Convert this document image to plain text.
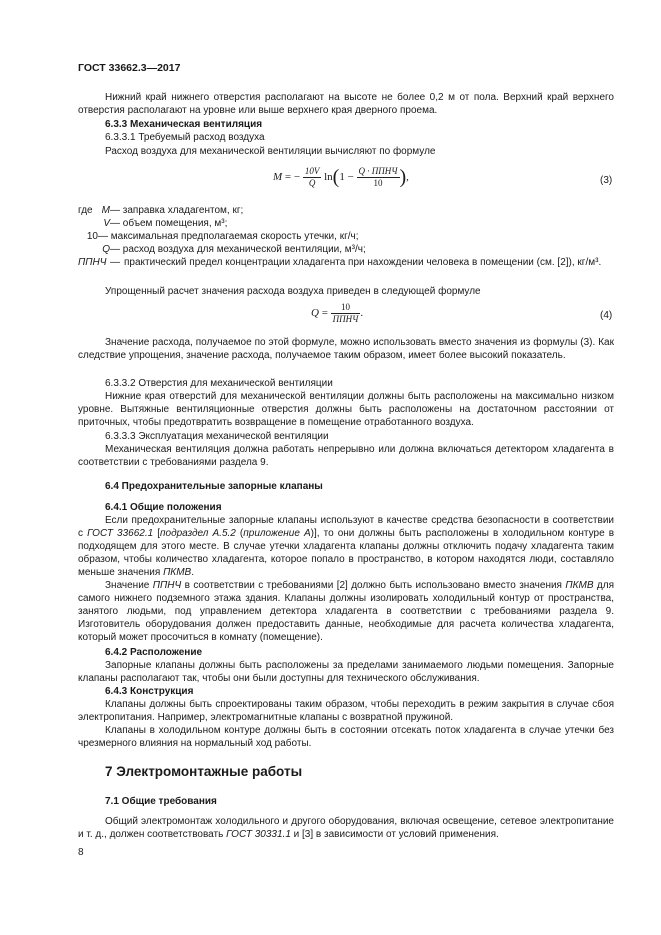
ГОСТ 33662.3—2017
Нижний край нижнего отверстия располагают на высоте не более 0,2 м от пола. Верхний край верхнего отверстия располагают на уровне или выше верхнего края дверного проема.
6.3.3 Механическая вентиляция
6.3.3.1 Требуемый расход воздуха
Расход воздуха для механической вентиляции вычисляют по формуле
M = − $\frac{10V}{Q} \ln(1 - \frac{\text{Q · ППНЧ}}{10}$ ),	(3)
где M — заправка хладагентом, кг;
V — объем помещения, м³;
10 — максимальная предполагаемая скорость утечки, кг/ч;
Q — расход воздуха для механической вентиляции, м³/ч;
ППНЧ — практический предел концентрации хладагента при нахождении человека в помещении (см. [2]), кг/м³.
Упрощенный расчет значения расхода воздуха приведен в следующей формуле
$Q = \frac{10}{\text{ППНЧ}}$ .	(4)
Значение расхода, получаемое по этой формуле, можно использовать вместо значения из формулы (3). Как следствие упрощения, значение расхода, получаемое таким образом, имеет более высокий показатель.
6.3.3.2 Отверстия для механической вентиляции
Нижние края отверстий для механической вентиляции должны быть расположены на максимально низком уровне. Вытяжные вентиляционные отверстия должны быть расположены на достаточном расстоянии от приточных, чтобы предотвратить возвращение в помещение отработанного воздуха.
6.3.3.3 Эксплуатация механической вентиляции
Механическая вентиляция должна работать непрерывно или должна включаться детектором хладагента в соответствии с требованиями раздела 9.
6.4 Предохранительные запорные клапаны
6.4.1 Общие положения
Если предохранительные запорные клапаны используют в качестве средства безопасности в соответствии с ГОСТ 33662.1 [подраздел А.5.2 (приложение А)], то они должны быть расположены в холодильном контуре в подходящем для этого месте. В случае утечки хладагента клапаны должны отключить подачу хладагента таким образом, чтобы количество хладагента, которое попало в пространство, в котором находятся люди, составляло меньше значения ПКМВ.
Значение ППНЧ в соответствии с требованиями [2] должно быть использовано вместо значения ПКМВ для самого нижнего подземного этажа здания. Клапаны должны изолировать холодильный контур от пространства, занятого людьми, под управлением детектора хладагента в соответствии с требованиями раздела 9. Изготовитель оборудования должен предоставить данные, необходимые для расчета количества хладагента, который может просочиться в комнату (помещение).
6.4.2 Расположение
Запорные клапаны должны быть расположены за пределами занимаемого людьми помещения. Запорные клапаны располагают так, чтобы они были доступны для технического обслуживания.
6.4.3 Конструкция
Клапаны должны быть спроектированы таким образом, чтобы переходить в режим закрытия в случае сбоя электропитания. Например, электромагнитные клапаны с возвратной пружиной.
Клапаны в холодильном контуре должны быть в состоянии отсекать поток хладагента в случае утечки без чрезмерного влияния на нормальный ход работы.
7 Электромонтажные работы
7.1 Общие требования
Общий электромонтаж холодильного и другого оборудования, включая освещение, сетевое электропитание и т. д., должен соответствовать ГОСТ 30331.1 и [3] в зависимости от условий применения.
8
